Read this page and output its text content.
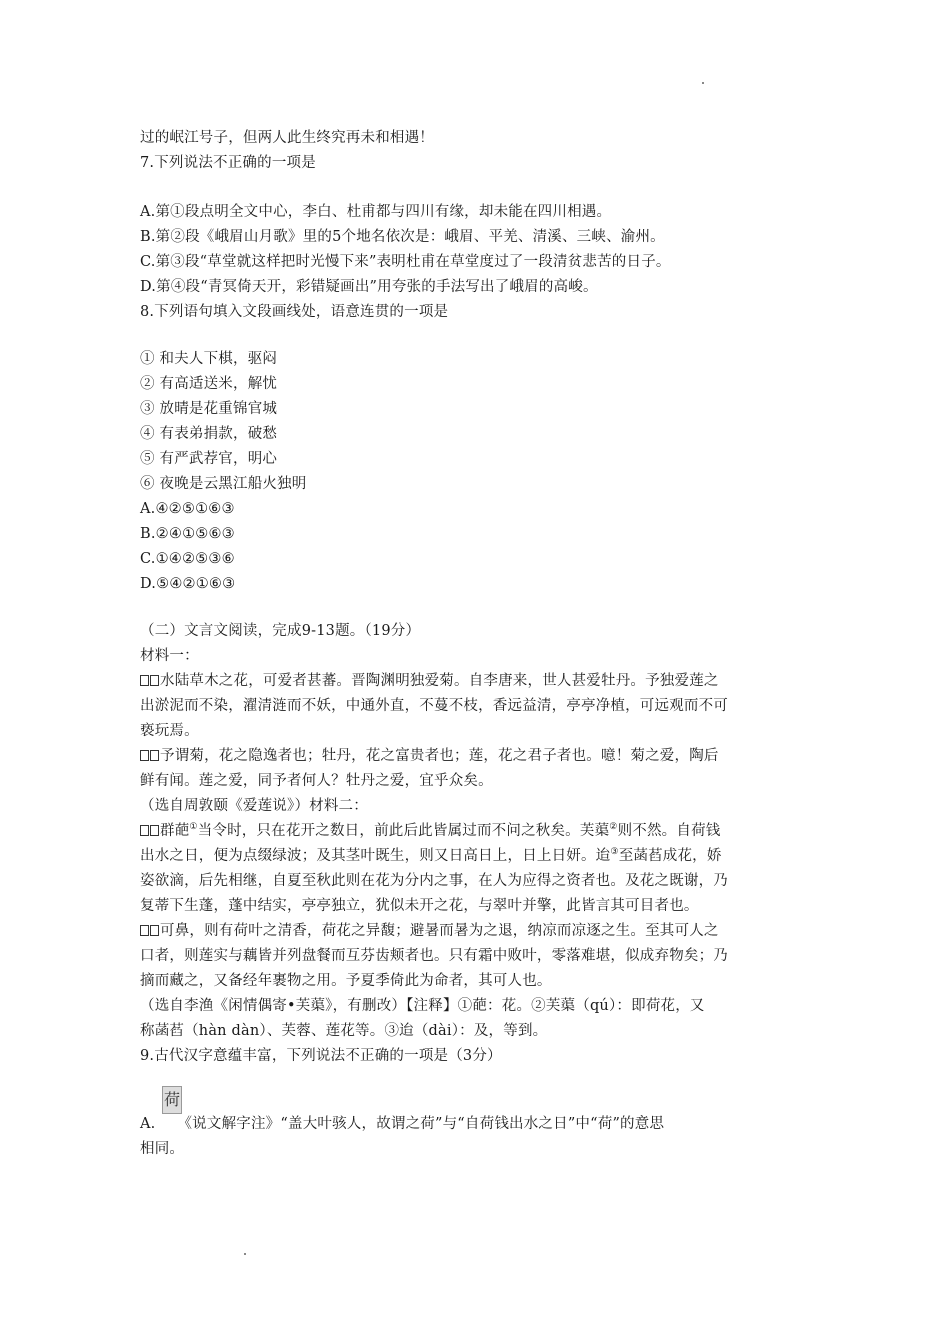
过的岷江号子，但两人此生终究再未和相遇！
7.下列说法不正确的一项是
A.第①段点明全文中心，李白、杜甫都与四川有缘，却未能在四川相遇。
B.第②段《峨眉山月歌》里的5个地名依次是：峨眉、平羌、清溪、三峡、渝州。
C.第③段“草堂就这样把时光慢下来”表明杜甫在草堂度过了一段清贫悲苦的日子。
D.第④段“青冥倚天开，彩错疑画出”用夸张的手法写出了峨眉的高峻。
8.下列语句填入文段画线处，语意连贯的一项是
① 和夫人下棋，驱闷
② 有高适送米，解忧
③ 放晴是花重锦官城
④ 有表弟捐款，破愁
⑤ 有严武荐官，明心
⑥ 夜晚是云黑江船火独明
A.④②⑤①⑥③
B.②④①⑤⑥③
C.①④②⑤③⑥
D.⑤④②①⑥③
（二）文言文阅读，完成9-13题。（19分）
材料一：
水陆草木之花，可爱者甚蕃。晋陶渊明独爱菊。自李唐来，世人甚爱牡丹。予独爱莲之
出淤泥而不染，濯清涟而不妖，中通外直，不蔓不枝，香远益清，亭亭净植，可远观而不可
亵玩焉。
予谓菊，花之隐逸者也；牡丹，花之富贵者也；莲，花之君子者也。噫！菊之爱，陶后
鲜有闻。莲之爱，同予者何人？牡丹之爱，宜乎众矣。
（选自周敦颐《爱莲说》）材料二：
群葩①当令时，只在花开之数日，前此后此皆属过而不问之秋矣。芙蕖②则不然。自荷钱
出水之日，便为点缀绿波；及其茎叶既生，则又日高日上，日上日妍。迨③至菡萏成花，娇
姿欲滴，后先相继，自夏至秋此则在花为分内之事，在人为应得之资者也。及花之既谢，乃
复蒂下生蓬，蓬中结实，亭亭独立，犹似未开之花，与翠叶并擎，此皆言其可目者也。
可鼻，则有荷叶之清香，荷花之异馥；避暑而暑为之退，纳凉而凉逐之生。至其可人之
口者，则莲实与藕皆并列盘餐而互芬齿颊者也。只有霜中败叶，零落难堪，似成弃物矣；乃
摘而藏之，又备经年裹物之用。予夏季倚此为命者，其可人也。
（选自李渔《闲情偶寄•芙蕖》，有删改）【注释】①葩：花。②芙蕖（qú）：即荷花，又
称菡萏（hàn dàn）、芙蓉、莲花等。③迨（dài）：及，等到。
9.古代汉字意蕴丰富，下列说法不正确的一项是（3分）
荷
A. 《说文解字注》“盖大叶骇人，故谓之荷”与“自荷钱出水之日”中“荷”的意思
相同。
